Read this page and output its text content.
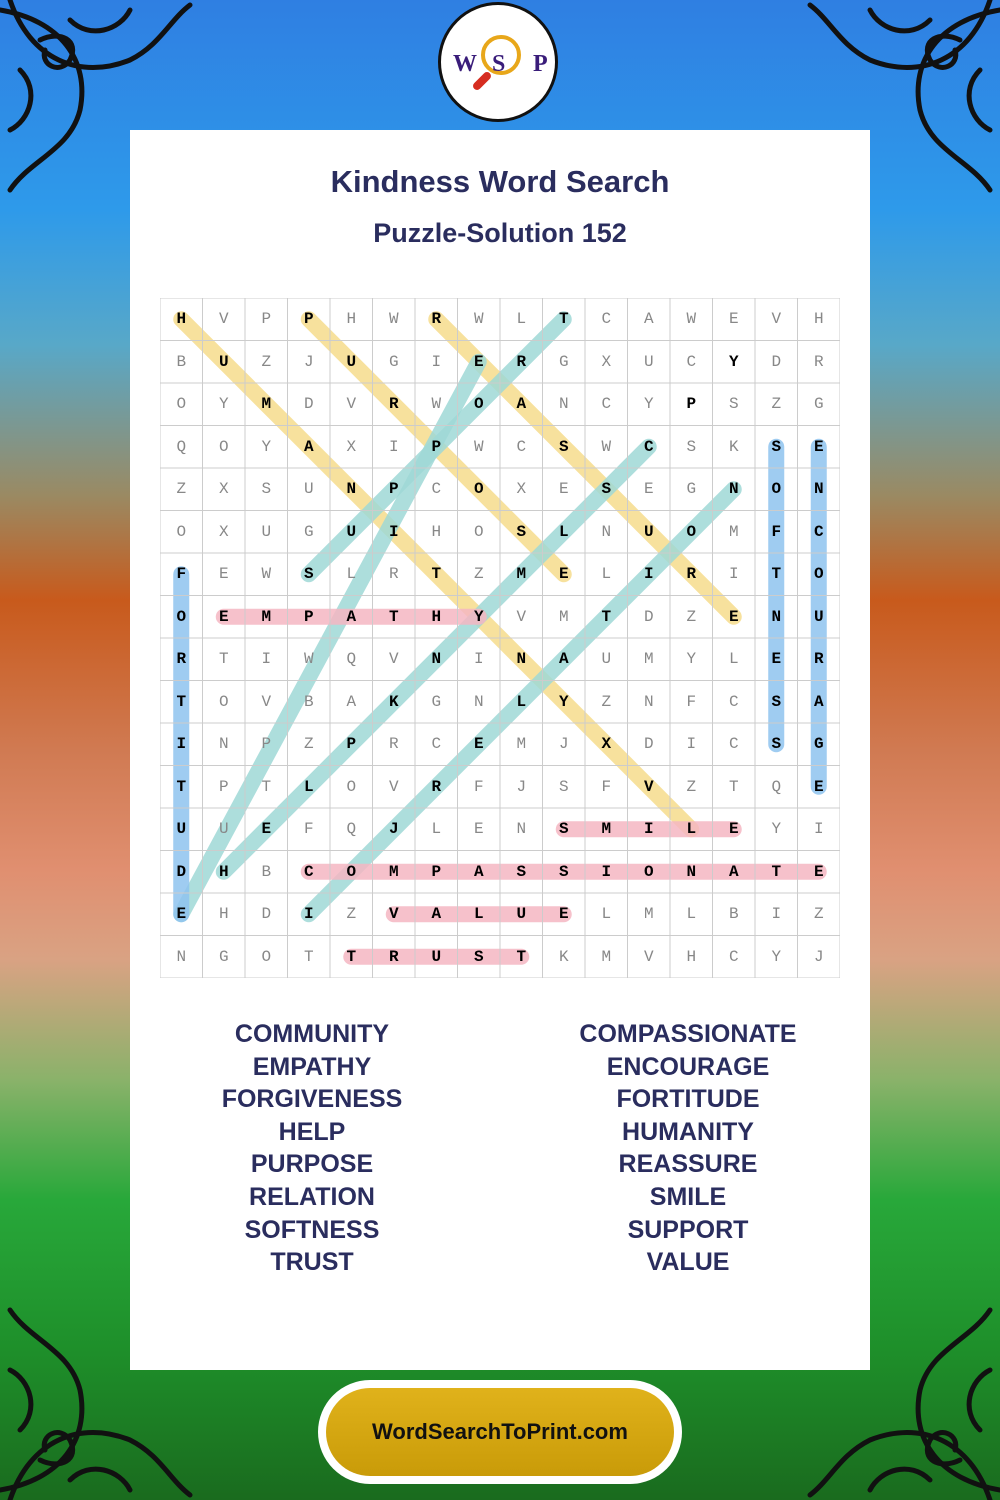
W S P
Kindness Word Search
Puzzle-Solution 152
H	V	P	P	H	W	R	W	L	T	C	A	W	E	V	H
B	U	Z	J	U	G	I	E	R	G	X	U	C	Y	D	R
O	Y	M	D	V	R	W	O	A	N	C	Y	P	S	Z	G
Q	O	Y	A	X	I	P	W	C	S	W	C	S	K	S	E
Z	X	S	U	N	P	C	O	X	E	S	E	G	N	O	N
O	X	U	G	U	I	H	O	S	L	N	U	O	M	F	C
F	E	W	S	L	R	T	Z	M	E	L	I	R	I	T	O
O	E	M	P	A	T	H	Y	V	M	T	D	Z	E	N	U
R	T	I	W	Q	V	N	I	N	A	U	M	Y	L	E	R
T	O	V	B	A	K	G	N	L	Y	Z	N	F	C	S	A
I	N	P	Z	P	R	C	E	M	J	X	D	I	C	S	G
T	P	T	L	O	V	R	F	J	S	F	V	Z	T	Q	E
U	U	E	F	Q	J	L	E	N	S	M	I	L	E	Y	I
D	H	B	C	O	M	P	A	S	S	I	O	N	A	T	E
E	H	D	I	Z	V	A	L	U	E	L	M	L	B	I	Z
N	G	O	T	T	R	U	S	T	K	M	V	H	C	Y	J
COMMUNITY
EMPATHY
FORGIVENESS
HELP
PURPOSE
RELATION
SOFTNESS
TRUST
COMPASSIONATE
ENCOURAGE
FORTITUDE
HUMANITY
REASSURE
SMILE
SUPPORT
VALUE
WordSearchToPrint.com
